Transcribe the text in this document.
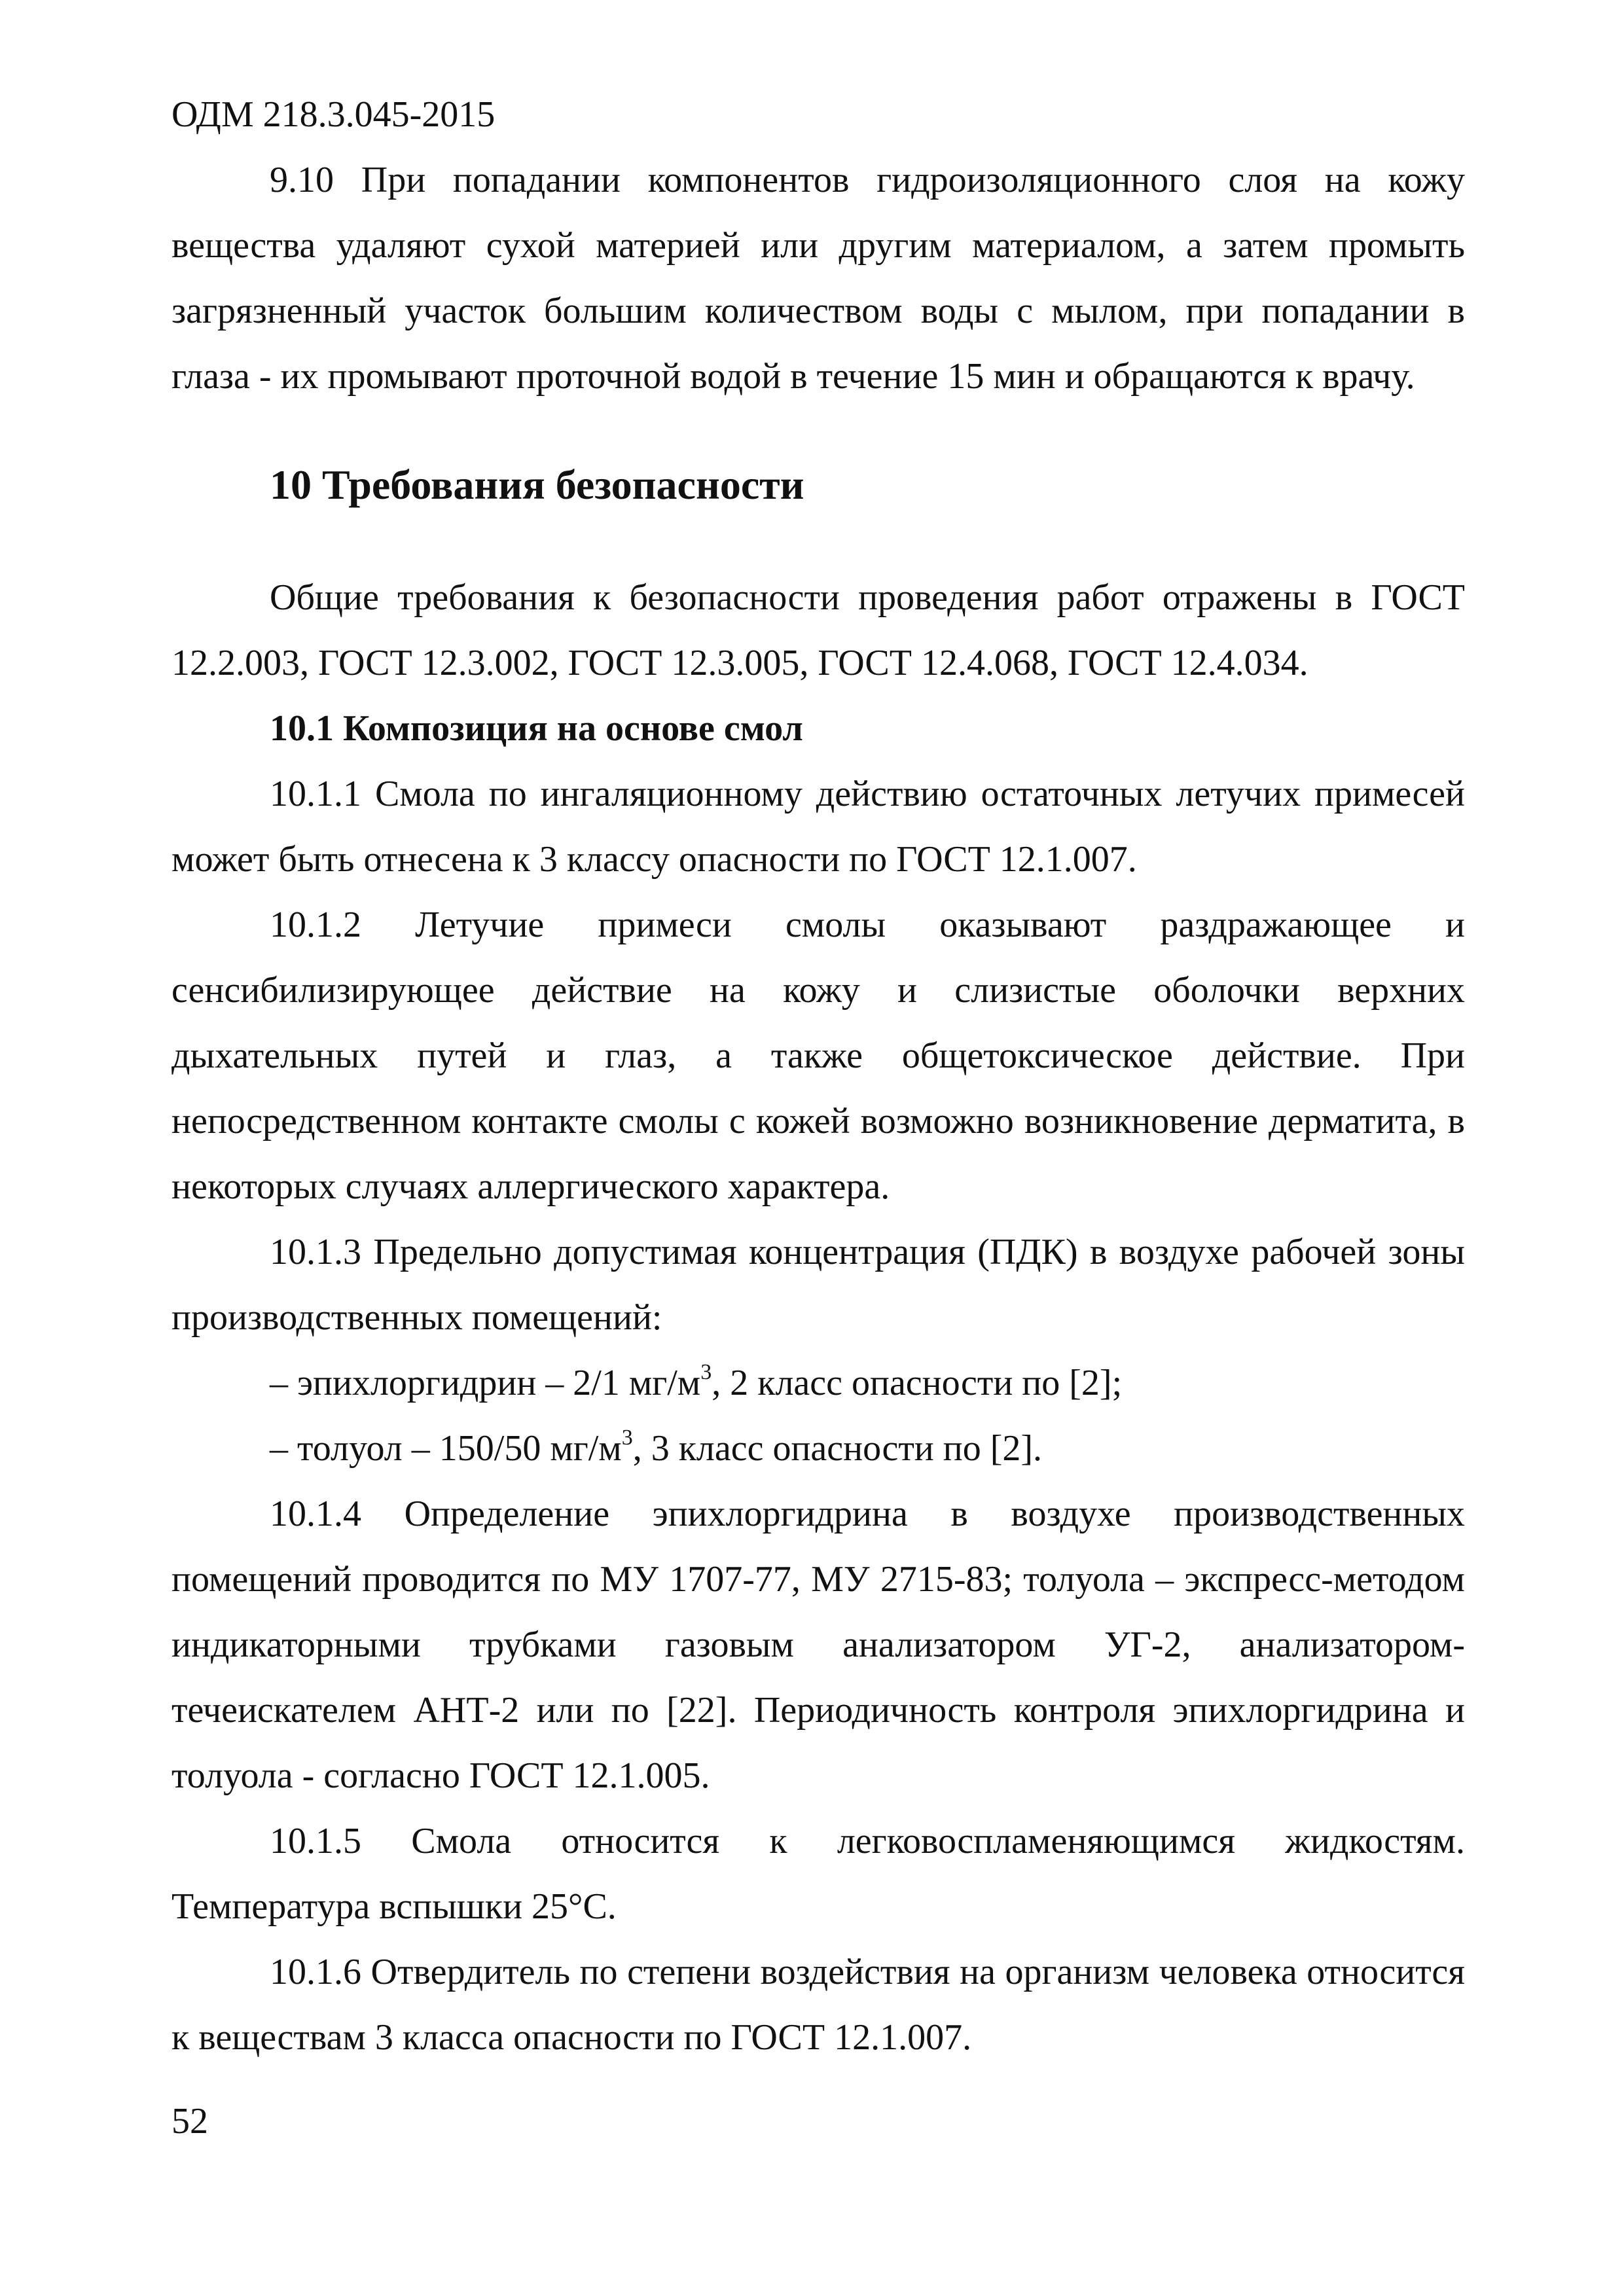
ОДМ 218.3.045-2015

9.10 При попадании компонентов гидроизоляционного слоя на кожу вещества удаляют сухой материей или другим материалом, а затем промыть загрязненный участок большим количеством воды с мылом, при попадании в глаза - их промывают проточной водой в течение 15 мин и обращаются к врачу.

10 Требования безопасности

Общие требования к безопасности проведения работ отражены в ГОСТ 12.2.003, ГОСТ 12.3.002, ГОСТ 12.3.005, ГОСТ 12.4.068, ГОСТ 12.4.034.

10.1 Композиция на основе смол

10.1.1 Смола по ингаляционному действию остаточных летучих примесей может быть отнесена к 3 классу опасности по ГОСТ 12.1.007.

10.1.2 Летучие примеси смолы оказывают раздражающее и сенсибилизирующее действие на кожу и слизистые оболочки верхних дыхательных путей и глаз, а также общетоксическое действие. При непосредственном контакте смолы с кожей возможно возникновение дерматита, в некоторых случаях аллергического характера.

10.1.3 Предельно допустимая концентрация (ПДК) в воздухе рабочей зоны производственных помещений:

– эпихлоргидрин – 2/1 $мг/м^3$, 2 класс опасности по [2];

– толуол – 150/50 $мг/м^3$, 3 класс опасности по [2].

10.1.4 Определение эпихлоргидрина в воздухе производственных помещений проводится по МУ 1707-77, МУ 2715-83; толуола – экспресс-методом индикаторными трубками газовым анализатором УГ-2, анализатором-течеискателем АНТ-2 или по [22]. Периодичность контроля эпихлоргидрина и толуола - согласно ГОСТ 12.1.005.

10.1.5 Смола относится к легковоспламеняющимся жидкостям. Температура вспышки 25°С.

10.1.6 Отвердитель по степени воздействия на организм человека относится к веществам 3 класса опасности по ГОСТ 12.1.007.

52
